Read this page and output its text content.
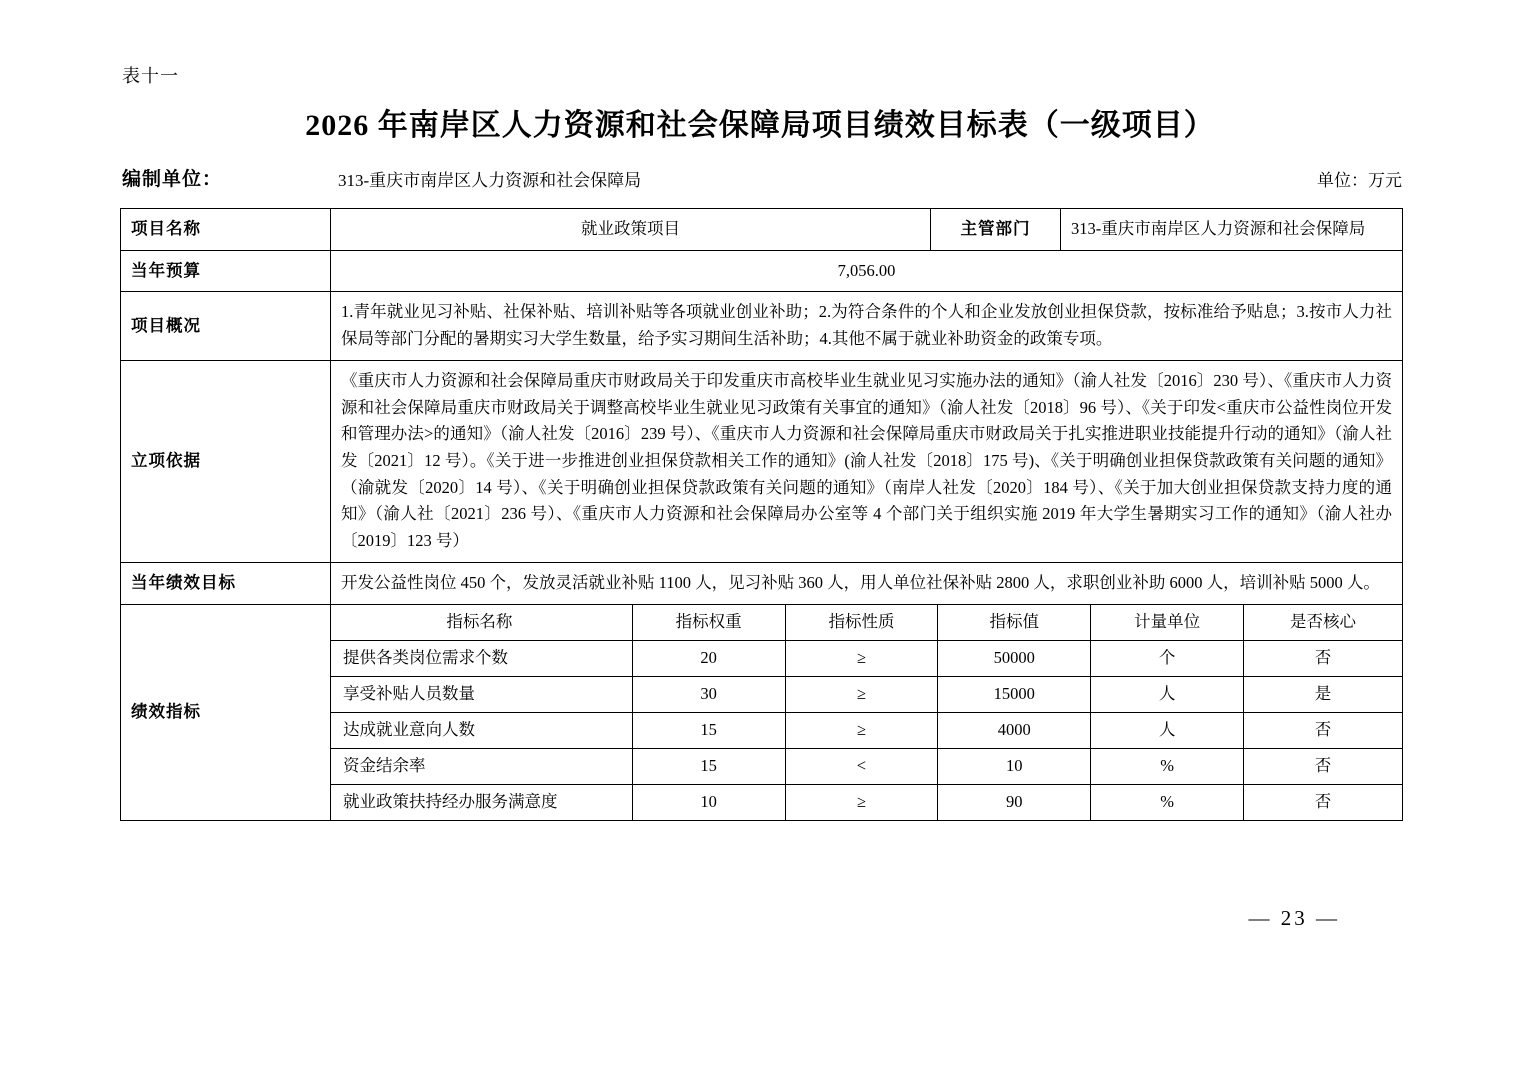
表十一
2026 年南岸区人力资源和社会保障局项目绩效目标表（一级项目）
编制单位：	313-重庆市南岸区人力资源和社会保障局	单位：万元
项目名称	就业政策项目	主管部门	313-重庆市南岸区人力资源和社会保障局
当年预算	7,056.00
项目概况	1.青年就业见习补贴、社保补贴、培训补贴等各项就业创业补助；2.为符合条件的个人和企业发放创业担保贷款，按标准给予贴息；3.按市人力社保局等部门分配的暑期实习大学生数量，给予实习期间生活补助；4.其他不属于就业补助资金的政策专项。
立项依据	《重庆市人力资源和社会保障局重庆市财政局关于印发重庆市高校毕业生就业见习实施办法的通知》（渝人社发〔2016〕230 号）、《重庆市人力资源和社会保障局重庆市财政局关于调整高校毕业生就业见习政策有关事宜的通知》（渝人社发〔2018〕96 号）、《关于印发<重庆市公益性岗位开发和管理办法>的通知》（渝人社发〔2016〕239 号）、《重庆市人力资源和社会保障局重庆市财政局关于扎实推进职业技能提升行动的通知》（渝人社发〔2021〕12 号）。《关于进一步推进创业担保贷款相关工作的通知》(渝人社发〔2018〕175 号)、《关于明确创业担保贷款政策有关问题的通知》（渝就发〔2020〕14 号）、《关于明确创业担保贷款政策有关问题的通知》（南岸人社发〔2020〕184 号）、《关于加大创业担保贷款支持力度的通知》（渝人社〔2021〕236 号）、《重庆市人力资源和社会保障局办公室等 4 个部门关于组织实施 2019 年大学生暑期实习工作的通知》（渝人社办〔2019〕123 号）
当年绩效目标	开发公益性岗位 450 个，发放灵活就业补贴 1100 人，见习补贴 360 人，用人单位社保补贴 2800 人，求职创业补助 6000 人，培训补贴 5000 人。
绩效指标	
指标名称	指标权重	指标性质	指标值	计量单位	是否核心
提供各类岗位需求个数	20	≥	50000	个	否
享受补贴人员数量	30	≥	15000	人	是
达成就业意向人数	15	≥	4000	人	否
资金结余率	15	<	10	%	否
就业政策扶持经办服务满意度	10	≥	90	%	否
— 23 —
